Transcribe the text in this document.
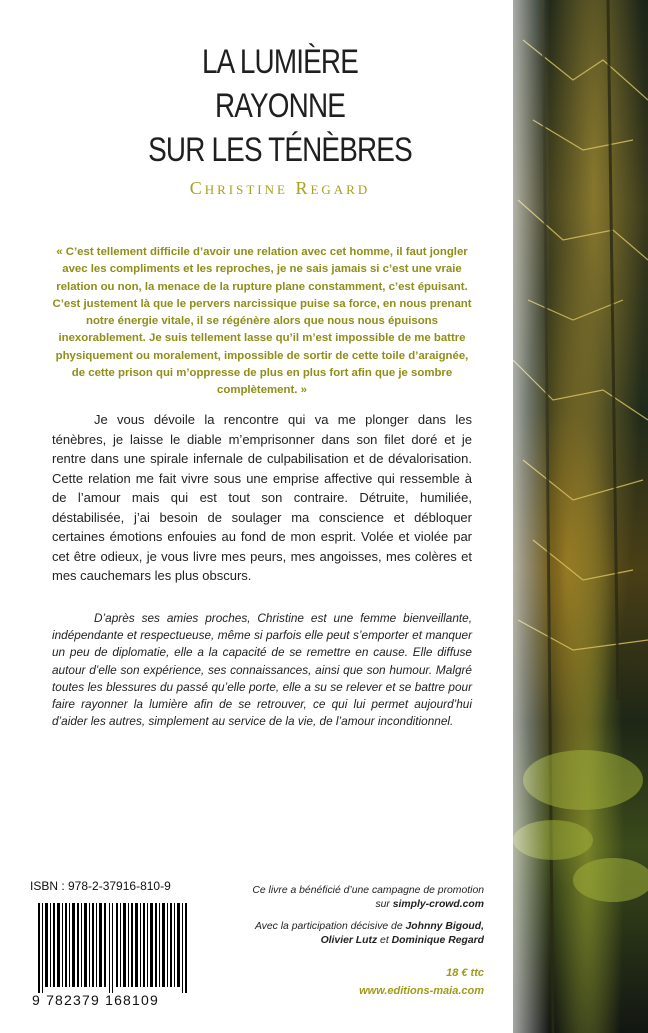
LA LUMIÈRE
RAYONNE
SUR LES TÉNÈBRES
Christine Regard
« C’est tellement difficile d’avoir une relation avec cet homme, il faut jongler avec les compliments et les reproches, je ne sais jamais si c’est une vraie relation ou non, la menace de la rupture plane constamment, c’est épuisant. C’est justement là que le pervers narcissique puise sa force, en nous prenant notre énergie vitale, il se régénère alors que nous nous épuisons inexorablement. Je suis tellement lasse qu’il m’est impossible de me battre physiquement ou moralement, impossible de sortir de cette toile d’araignée, de cette prison qui m’oppresse de plus en plus fort afin que je sombre complètement. »

Je vous dévoile la rencontre qui va me plonger dans les ténèbres, je laisse le diable m’emprisonner dans son filet doré et je rentre dans une spirale infernale de culpabilisation et de dévalorisation. Cette relation me fait vivre sous une emprise affective qui ressemble à de l’amour mais qui est tout son contraire. Détruite, humiliée, déstabilisée, j’ai besoin de soulager ma conscience et débloquer certaines émotions enfouies au fond de mon esprit. Volée et violée par cet être odieux, je vous livre mes peurs, mes angoisses, mes colères et mes cauchemars les plus obscurs.

D’après ses amies proches, Christine est une femme bienveillante, indépendante et respectueuse, même si parfois elle peut s’emporter et manquer un peu de diplomatie, elle a la capacité de se remettre en cause. Elle diffuse autour d’elle son expérience, ses connaissances, ainsi que son humour. Malgré toutes les blessures du passé qu’elle porte, elle a su se relever et se battre pour faire rayonner la lumière afin de se retrouver, ce qui lui permet aujourd’hui d’aider les autres, simplement au service de la vie, de l’amour inconditionnel.

ISBN : 978-2-37916-810-9
9 782379 168109
Ce livre a bénéficié d’une campagne de promotion
sur simply-crowd.com
Avec la participation décisive de Johnny Bigoud,
Olivier Lutz et Dominique Regard
18 € ttc
www.editions-maia.com
